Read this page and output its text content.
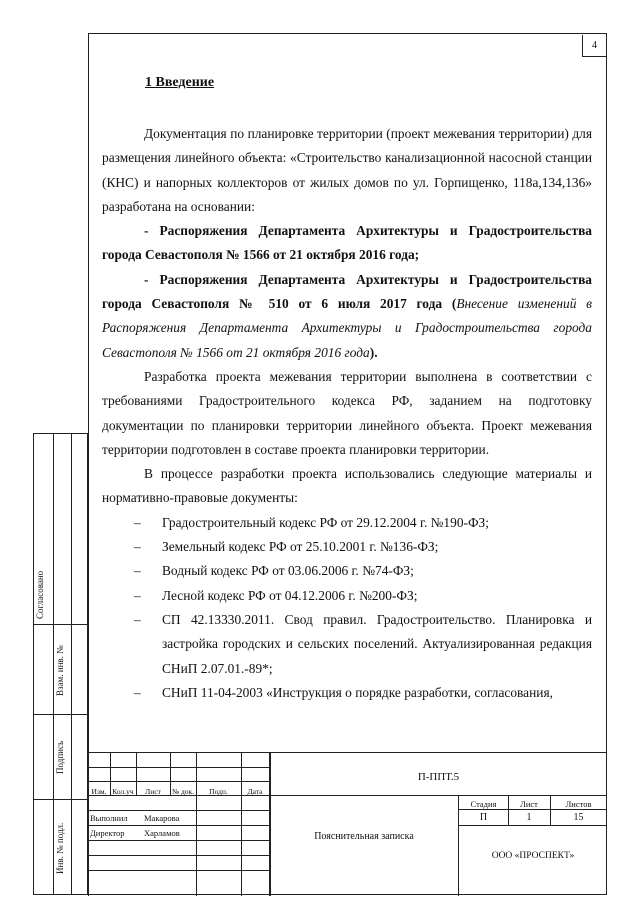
4
1 Введение

Документация по планировке территории (проект межевания территории) для размещения линейного объекта: «Строительство канализационной насосной станции (КНС) и напорных коллекторов от жилых домов по ул. Горпищенко, 118а,134,136» разработана на основании:

- Распоряжения Департамента Архитектуры и Градостроительства города Севастополя № 1566 от 21 октября 2016 года;

- Распоряжения Департамента Архитектуры и Градостроительства города Севастополя № 510 от 6 июля 2017 года (Внесение изменений в Распоряжения Департамента Архитектуры и Градостроительства города Севастополя № 1566 от 21 октября 2016 года).

Разработка проекта межевания территории выполнена в соответствии с требованиями Градостроительного кодекса РФ, заданием на подготовку документации по планировки территории линейного объекта. Проект межевания территории подготовлен в составе проекта планировки территории.

В процессе разработки проекта использовались следующие материалы и нормативно-правовые документы:

– Градостроительный кодекс РФ от 29.12.2004 г. №190-ФЗ;
– Земельный кодекс РФ от 25.10.2001 г. №136-ФЗ;
– Водный кодекс РФ от 03.06.2006 г. №74-ФЗ;
– Лесной кодекс РФ от 04.12.2006 г. №200-ФЗ;
– СП 42.13330.2011. Свод правил. Градостроительство. Планировка и застройка городских и сельских поселений. Актуализированная редакция СНиП 2.07.01.-89*;
– СНиП 11-04-2003 «Инструкция о порядке разработки, согласования,
Согласовано
Взам. инв. №
Подпись
Инв. № подл.
Изм. Кол.уч	Лист	№ док.	Подп.	Дата
П-ППТ.5
Выполнил Макарова
Директор Харламов	Пояснительная записка
Стадия	Лист	Листов
П	1	15
ООО «ПРОСПЕКТ»
